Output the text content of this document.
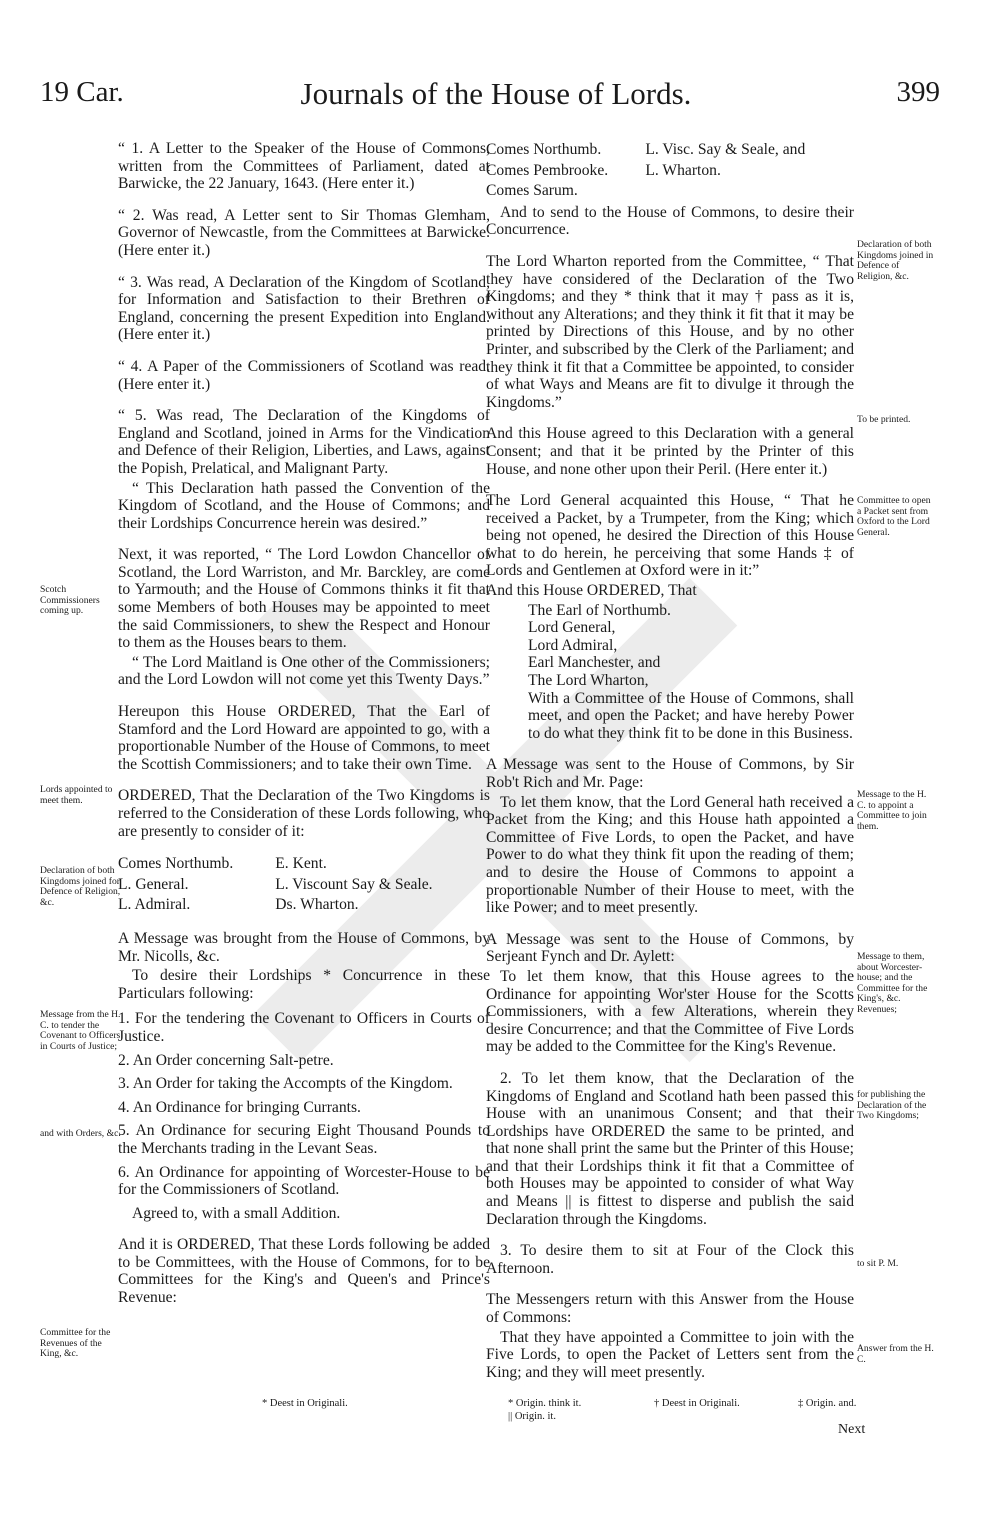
19 Car.	Journals of the House of Lords.	399

“ 1. A Letter to the Speaker of the House of Commons, written from the Committees of Parliament, dated at Barwicke, the 22 January, 1643. (Here enter it.)

“ 2. Was read, A Letter sent to Sir Thomas Glemham, Governor of Newcastle, from the Committees at Barwicke. (Here enter it.)

“ 3. Was read, A Declaration of the Kingdom of Scotland, for Information and Satisfaction to their Brethren of England, concerning the present Expedition into England. (Here enter it.)

“ 4. A Paper of the Commissioners of Scotland was read. (Here enter it.)

“ 5. Was read, The Declaration of the Kingdoms of England and Scotland, joined in Arms for the Vindication and Defence of their Religion, Liberties, and Laws, against the Popish, Prelatical, and Malignant Party.

“ This Declaration hath passed the Convention of the Kingdom of Scotland, and the House of Commons; and their Lordships Concurrence herein was desired.”

Next, it was reported, “ The Lord Lowdon Chancellor of Scotland, the Lord Warriston, and Mr. Barckley, are come to Yarmouth; and the House of Commons thinks it fit that some Members of both Houses may be appointed to meet the said Commissioners, to shew the Respect and Honour to them as the Houses bears to them.

“ The Lord Maitland is One other of the Commissioners; and the Lord Lowdon will not come yet this Twenty Days.”

Hereupon this House ORDERED, That the Earl of Stamford and the Lord Howard are appointed to go, with a proportionable Number of the House of Commons, to meet the Scottish Commissioners; and to take their own Time.

ORDERED, That the Declaration of the Two Kingdoms is referred to the Consideration of these Lords following, who are presently to consider of it:

Comes Northumb.	E. Kent.
L. General.	L. Viscount Say & Seale.
L. Admiral.	Ds. Wharton.

A Message was brought from the House of Commons, by Mr. Nicolls, &c.

To desire their Lordships * Concurrence in these Particulars following:

1. For the tendering the Covenant to Officers in Courts of Justice.

2. An Order concerning Salt-petre.

3. An Order for taking the Accompts of the Kingdom.

4. An Ordinance for bringing Currants.

5. An Ordinance for securing Eight Thousand Pounds to the Merchants trading in the Levant Seas.

6. An Ordinance for appointing of Worcester-House to be for the Commissioners of Scotland.

Agreed to, with a small Addition.

And it is ORDERED, That these Lords following be added to be Committees, with the House of Commons, for to be Committees for the King's and Queen's and Prince's Revenue:

* Deest in Originali.
Scotch Commissioners coming up.
Lords appointed to meet them.
Declaration of both Kingdoms joined for Defence of Religion, &c.
Message from the H. C. to tender the Covenant to Officers in Courts of Justice;
and with Orders, &c.
Committee for the Revenues of the King, &c.
Comes Northumb.	L. Visc. Say & Seale, and
Comes Pembrooke.	L. Wharton.
Comes Sarum.	

And to send to the House of Commons, to desire their Concurrence.

The Lord Wharton reported from the Committee, “ That they have considered of the Declaration of the Two Kingdoms; and they * think that it may † pass as it is, without any Alterations; and they think it fit that it may be printed by Directions of this House, and by no other Printer, and subscribed by the Clerk of the Parliament; and they think it fit that a Committee be appointed, to consider of what Ways and Means are fit to divulge it through the Kingdoms.”

And this House agreed to this Declaration with a general Consent; and that it be printed by the Printer of this House, and none other upon their Peril. (Here enter it.)

The Lord General acquainted this House, “ That he received a Packet, by a Trumpeter, from the King; which being not opened, he desired the Direction of this House what to do herein, he perceiving that some Hands ‡ of Lords and Gentlemen at Oxford were in it:”

And this House ORDERED, That

The Earl of Northumb.
Lord General,
Lord Admiral,
Earl Manchester, and
The Lord Wharton,

With a Committee of the House of Commons, shall meet, and open the Packet; and have hereby Power to do what they think fit to be done in this Business.

A Message was sent to the House of Commons, by Sir Rob't Rich and Mr. Page:

To let them know, that the Lord General hath received a Packet from the King; and this House hath appointed a Committee of Five Lords, to open the Packet, and have Power to do what they think fit upon the reading of them; and to desire the House of Commons to appoint a proportionable Number of their House to meet, with the like Power; and to meet presently.

A Message was sent to the House of Commons, by Serjeant Fynch and Dr. Aylett:

To let them know, that this House agrees to the Ordinance for appointing Wor'ster House for the Scotts Commissioners, with a few Alterations, wherein they desire Concurrence; and that the Committee of Five Lords may be added to the Committee for the King's Revenue.

2. To let them know, that the Declaration of the Kingdoms of England and Scotland hath been passed this House with an unanimous Consent; and that their Lordships have ORDERED the same to be printed, and that none shall print the same but the Printer of this House; and that their Lordships think it fit that a Committee of both Houses may be appointed to consider of what Way and Means || is fittest to disperse and publish the said Declaration through the Kingdoms.

3. To desire them to sit at Four of the Clock this Afternoon.

The Messengers return with this Answer from the House of Commons:

That they have appointed a Committee to join with the Five Lords, to open the Packet of Letters sent from the King; and they will meet presently.

* Origin. think it.
|| Origin. it.
† Deest in Originali.	‡ Origin. and.
Next
Declaration of both Kingdoms joined in Defence of Religion, &c.
To be printed.
Committee to open a Packet sent from Oxford to the Lord General.
Message to the H. C. to appoint a Committee to join them.
Message to them, about Worcester-house; and the Committee for the King's, &c. Revenues;
for publishing the Declaration of the Two Kingdoms;
to sit P. M.
Answer from the H. C.
